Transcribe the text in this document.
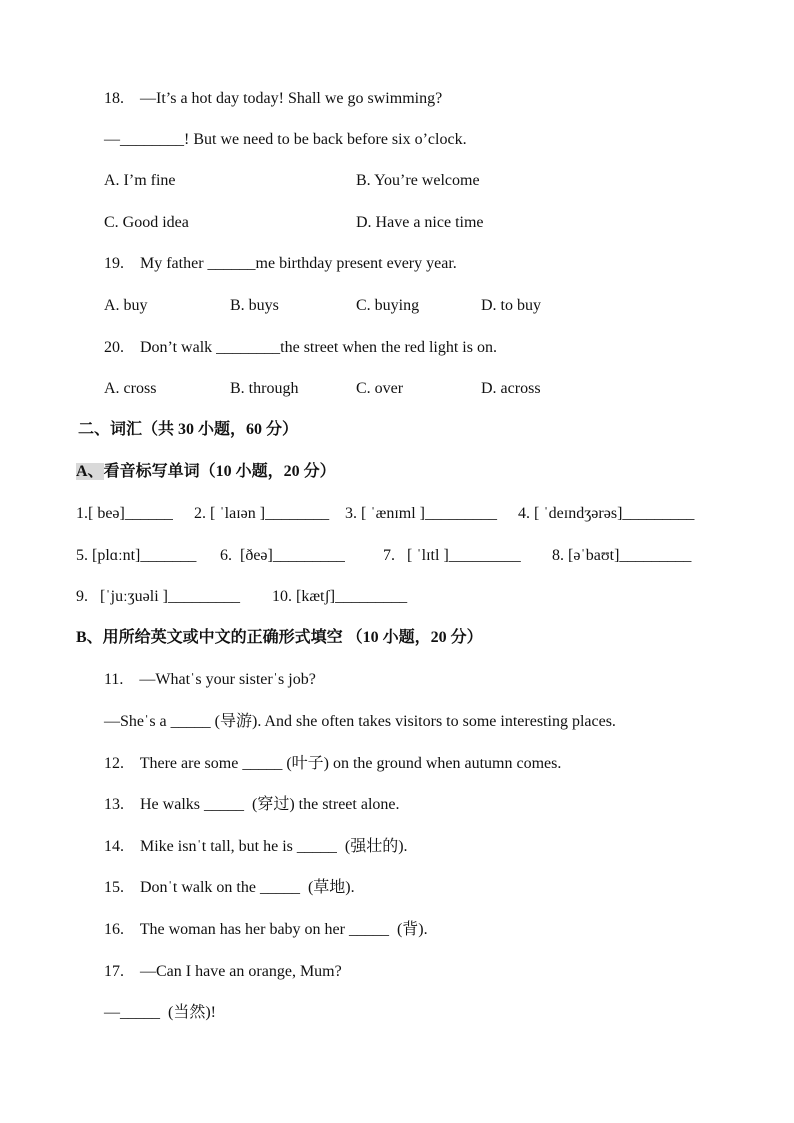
18.    —It’s a hot day today! Shall we go swimming?
—________! But we need to be back before six o’clock.
A. I’m fine	B. You’re welcome
C. Good idea	D. Have a nice time
19.    My father ______me birthday present every year.
A. buy	B. buys	C. buying	D. to buy
20.    Don’t walk ________the street when the red light is on.
A. cross	B. through	C. over	D. across
二、词汇（共 30 小题，60 分）
A、看音标写单词（10 小题，20 分）
1.[ beə]______ 2. [ ˈlaɪən ]________ 3. [ ˈænɪml ]_________ 4. [ ˈdeɪndʒərəs]_________
5. [plɑːnt]_______ 6.  [ðeə]_________ 7.   [ ˈlɪtl ]_________ 8. [əˈbaʊt]_________
9.   [ˈjuːʒuəli ]_________ 10. [kætʃ]_________
B、用所给英文或中文的正确形式填空 （10 小题，20 分）
11.    —Whatˈs your sisterˈs job?
—Sheˈs a _____ (导游). And she often takes visitors to some interesting places.
12.    There are some _____ (叶子) on the ground when autumn comes.
13.    He walks _____  (穿过) the street alone.
14.    Mike isnˈt tall, but he is _____  (强壮的).
15.    Donˈt walk on the _____  (草地).
16.    The woman has her baby on her _____  (背).
17.    —Can I have an orange, Mum?
—_____  (当然)!
